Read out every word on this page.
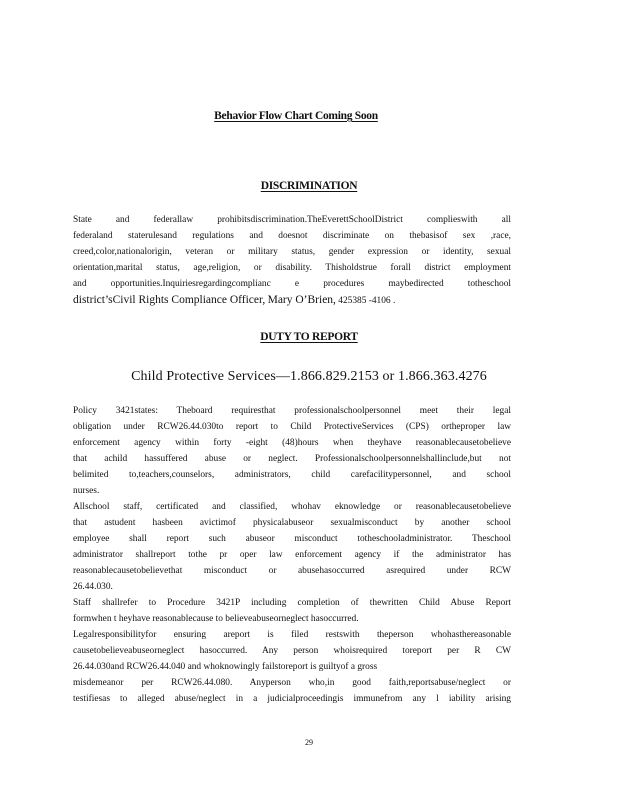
Behavior Flow Chart Coming Soon
DISCRIMINATION
State and federallaw prohibitsdiscrimination.TheEverettSchoolDistrict complieswith all
federaland staterulesand regulations and doesnot discriminate on thebasisof sex ,race,
creed,color,nationalorigin, veteran or military status, gender expression or identity, sexual
orientation,marital status, age,religion, or disability. Thisholdstrue forall district employment
and opportunities.Inquiriesregardingcomplianc e procedures maybedirected totheschool
district’sCivil Rights Compliance Officer, Mary O’Brien, 425385 -4106 .
DUTY TO REPORT
Child Protective Services—1.866.829.2153 or 1.866.363.4276
Policy 3421states: Theboard requiresthat professionalschoolpersonnel meet their legal
obligation under RCW26.44.030to report to Child ProtectiveServices (CPS) ortheproper law
enforcement agency within forty -eight (48)hours when theyhave reasonablecausetobelieve
that achild hassuffered abuse or neglect. Professionalschoolpersonnelshallinclude,but not
belimited to,teachers,counselors, administrators, child carefacilitypersonnel, and school
nurses.
Allschool staff, certificated and classified, whohav eknowledge or reasonablecausetobelieve
that astudent hasbeen avictimof physicalabuseor sexualmisconduct by another school
employee shall report such abuseor misconduct totheschooladministrator. Theschool
administrator shallreport tothe pr oper law enforcement agency if the administrator has
reasonablecausetobelievethat misconduct or abusehasoccurred asrequired under RCW
26.44.030.
Staff shallrefer to Procedure 3421P including completion of thewritten Child Abuse Report
formwhen t heyhave reasonablecause to believeabuseorneglect hasoccurred.
Legalresponsibilityfor ensuring areport is filed restswith theperson whohasthereasonable
causetobelieveabuseorneglect hasoccurred. Any person whoisrequired toreport per R CW
26.44.030and RCW26.44.040 and whoknowingly failstoreport is guiltyof a gross
misdemeanor per RCW26.44.080. Anyperson who,in good faith,reportsabuse/neglect or
testifiesas to alleged abuse/neglect in a judicialproceedingis immunefrom any l iability arising
29
